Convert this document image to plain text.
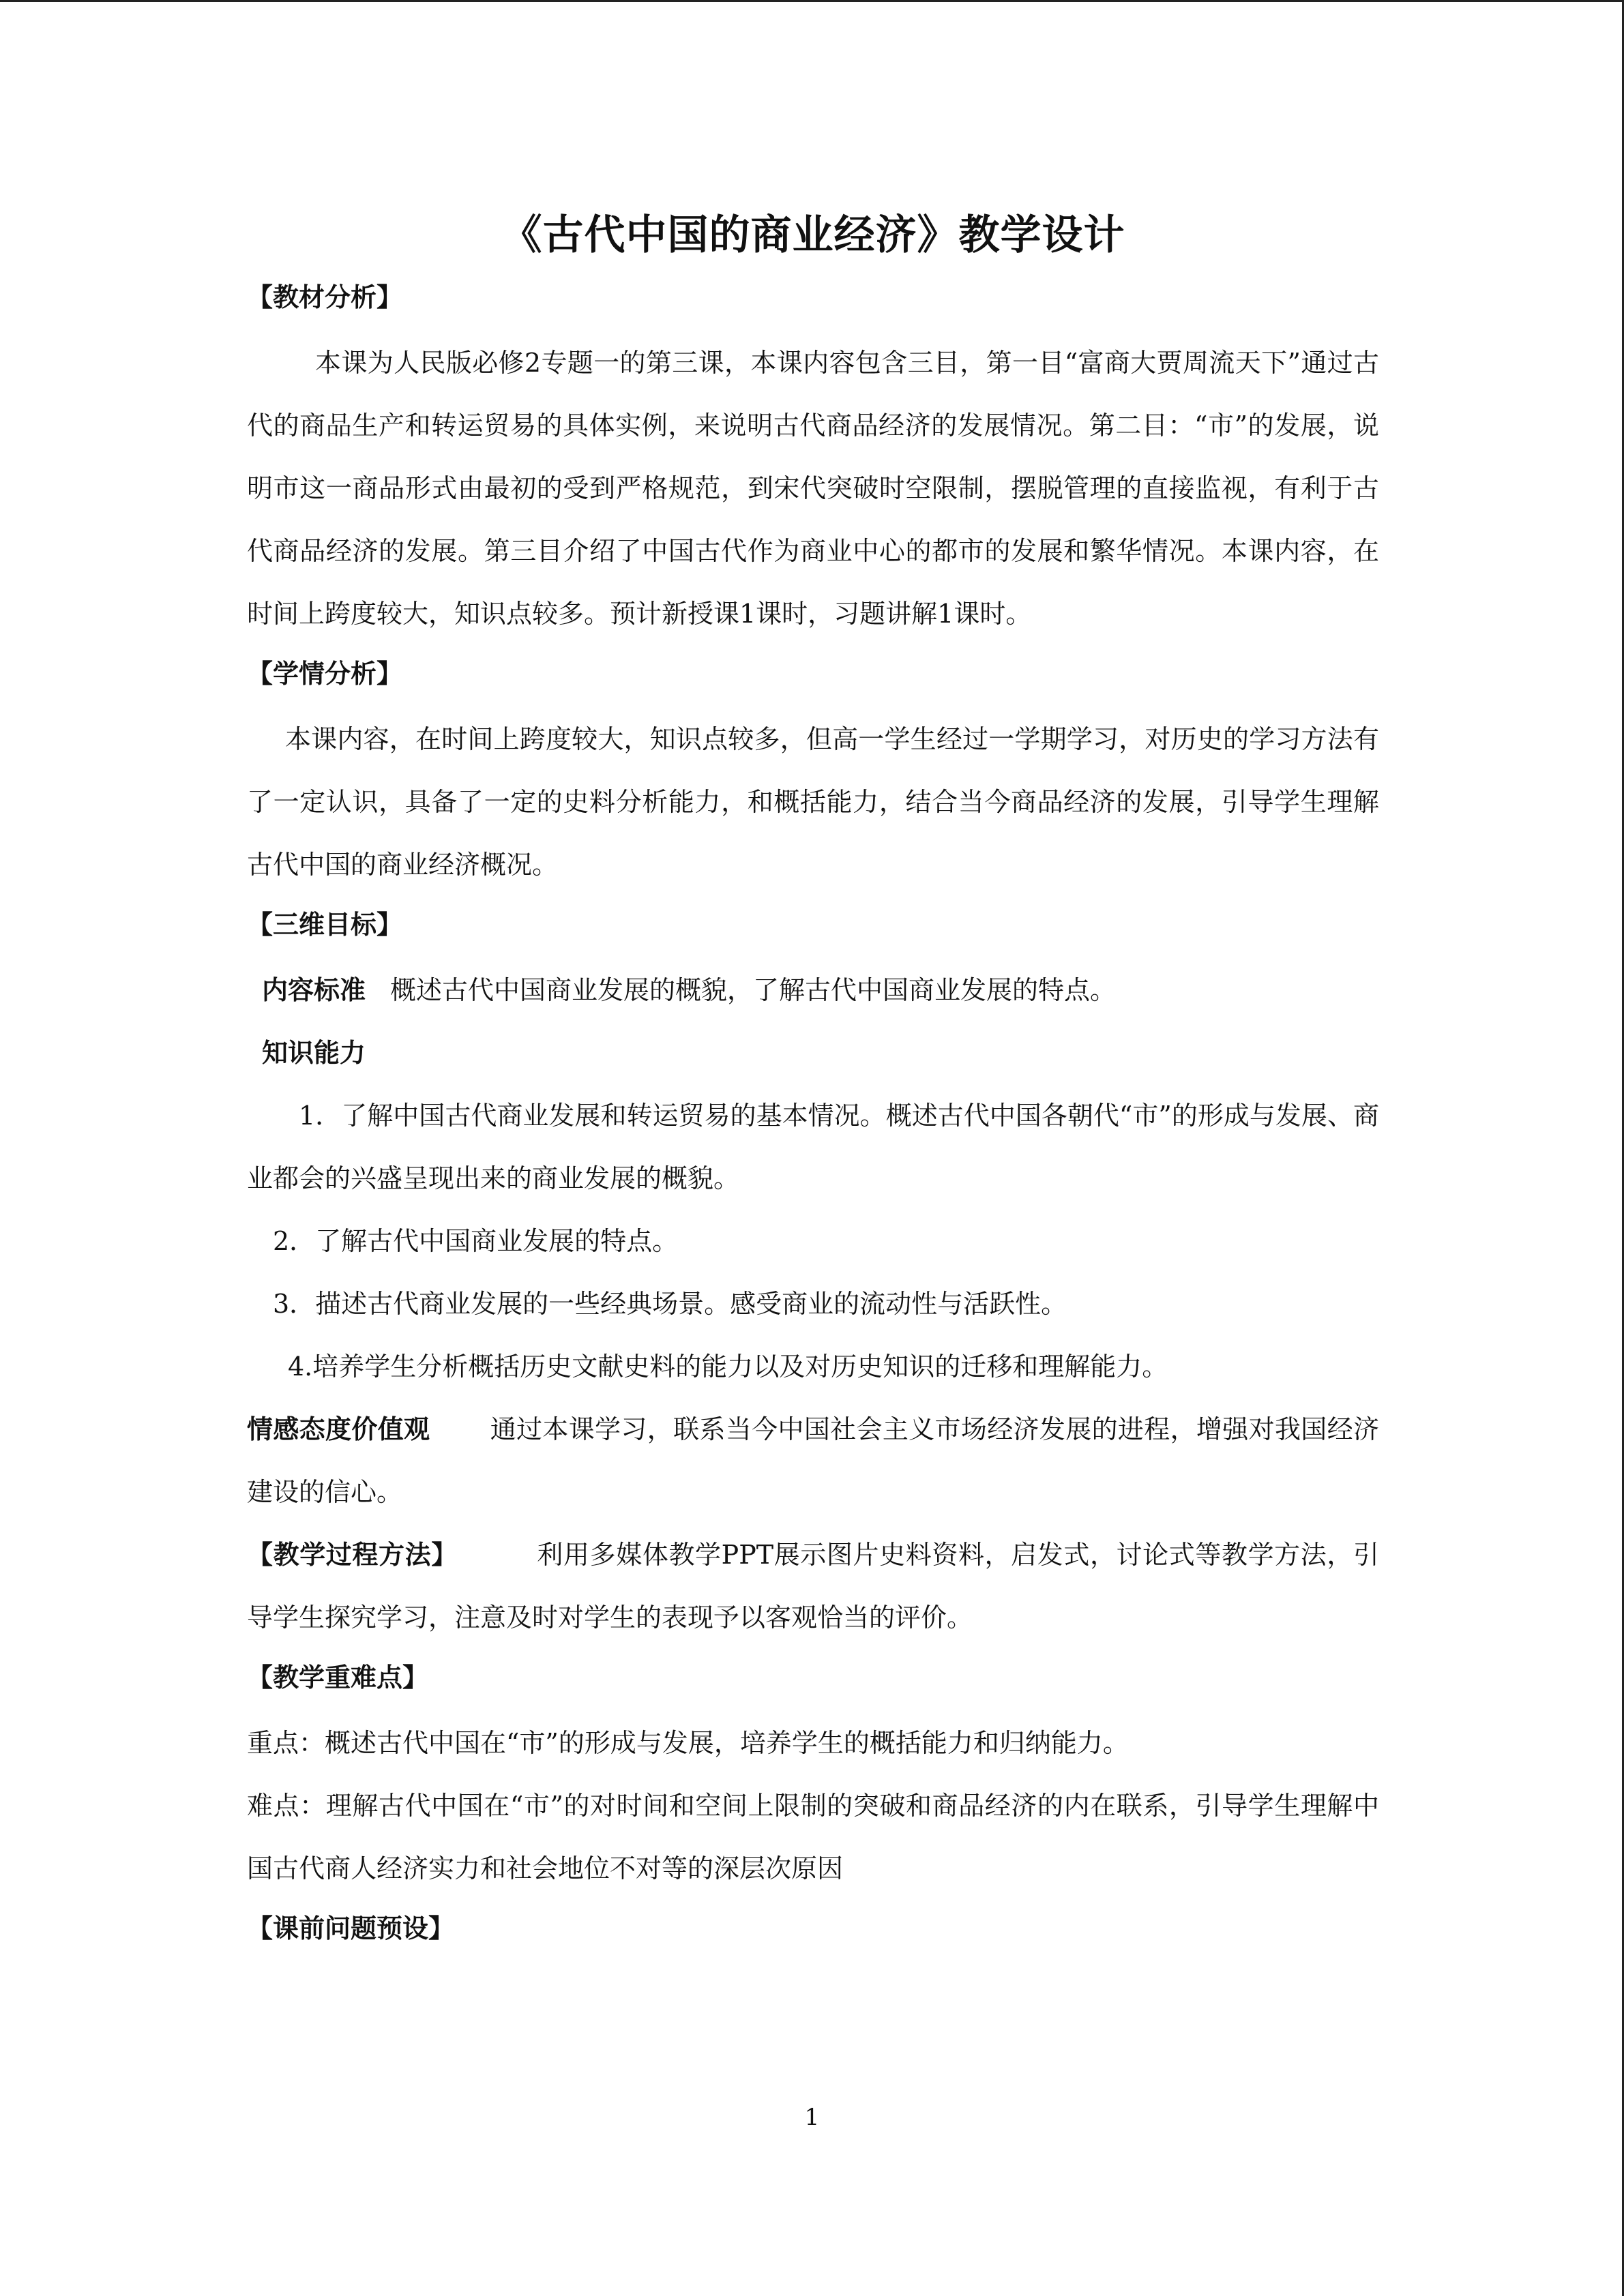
《古代中国的商业经济》教学设计
【教材分析】

本课为人民版必修2专题一的第三课，本课内容包含三目，第一目“富商大贾周流天下”通过古代的商品生产和转运贸易的具体实例，来说明古代商品经济的发展情况。第二目：“市”的发展，说明市这一商品形式由最初的受到严格规范，到宋代突破时空限制，摆脱管理的直接监视，有利于古代商品经济的发展。第三目介绍了中国古代作为商业中心的都市的发展和繁华情况。本课内容，在时间上跨度较大，知识点较多。预计新授课1课时，习题讲解1课时。

【学情分析】

本课内容，在时间上跨度较大，知识点较多，但高一学生经过一学期学习，对历史的学习方法有了一定认识，具备了一定的史料分析能力，和概括能力，结合当今商品经济的发展，引导学生理解古代中国的商业经济概况。

【三维目标】

内容标准 概述古代中国商业发展的概貌，了解古代中国商业发展的特点。

知识能力

1．了解中国古代商业发展和转运贸易的基本情况。概述古代中国各朝代“市”的形成与发展、商业都会的兴盛呈现出来的商业发展的概貌。

2．了解古代中国商业发展的特点。

3．描述古代商业发展的一些经典场景。感受商业的流动性与活跃性。

4.培养学生分析概括历史文献史料的能力以及对历史知识的迁移和理解能力。

情感态度价值观 通过本课学习，联系当今中国社会主义市场经济发展的进程，增强对我国经济建设的信心。

【教学过程方法】	利用多媒体教学PPT展示图片史料资料，启发式，讨论式等教学方法，引导学生探究学习，注意及时对学生的表现予以客观恰当的评价。

【教学重难点】

重点：概述古代中国在“市”的形成与发展，培养学生的概括能力和归纳能力。

难点：理解古代中国在“市”的对时间和空间上限制的突破和商品经济的内在联系，引导学生理解中国古代商人经济实力和社会地位不对等的深层次原因

【课前问题预设】
1
